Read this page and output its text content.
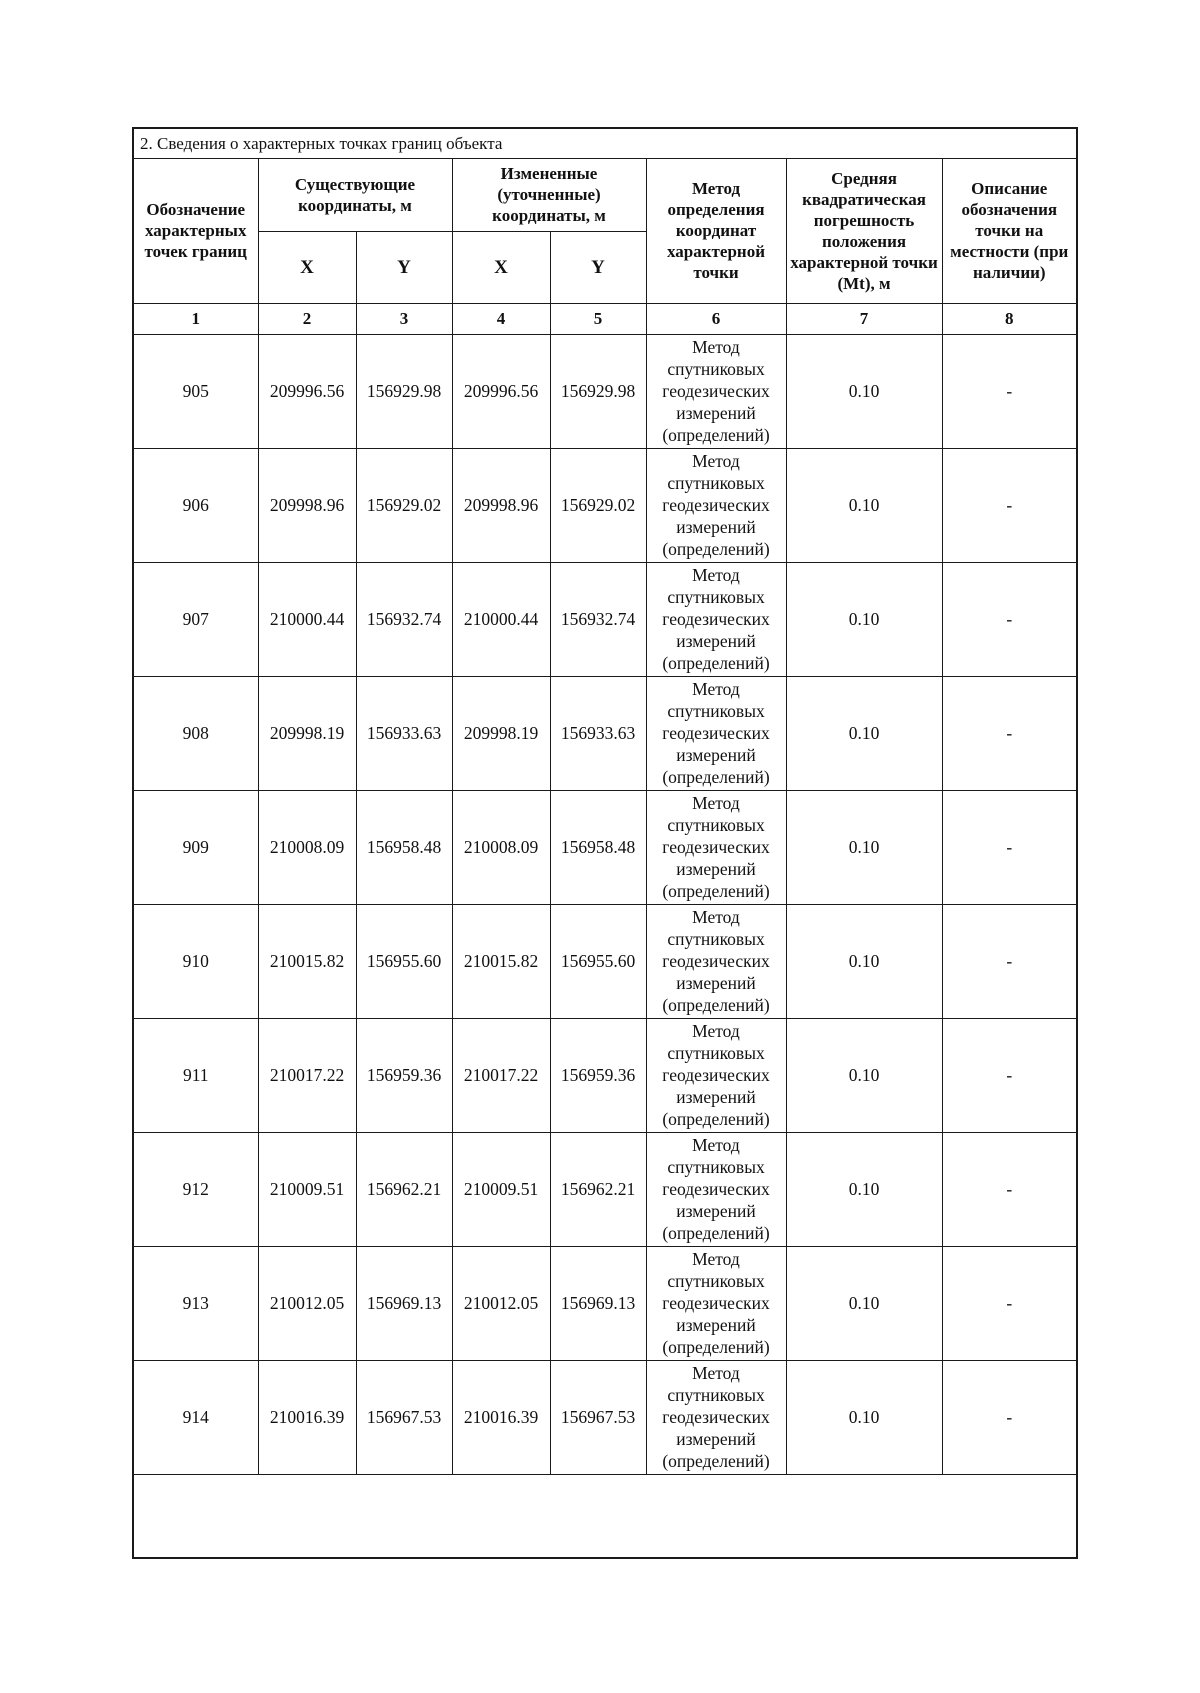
2. Сведения о характерных точках границ объекта
Обозначение характерных точек границ	Существующие координаты, м		Измененные (уточненные) координаты, м		Метод определения координат характерной точки	Средняя квадратическая погрешность положения характерной точки (Mt), м	Описание обозначения точки на местности (при наличии)
	X	Y	X	Y			
1	2	3	4	5	6	7	8
905	209996.56	156929.98	209996.56	156929.98	Метод
спутниковых
геодезических
измерений
(определений)	0.10	-
906	209998.96	156929.02	209998.96	156929.02	Метод
спутниковых
геодезических
измерений
(определений)	0.10	-
907	210000.44	156932.74	210000.44	156932.74	Метод
спутниковых
геодезических
измерений
(определений)	0.10	-
908	209998.19	156933.63	209998.19	156933.63	Метод
спутниковых
геодезических
измерений
(определений)	0.10	-
909	210008.09	156958.48	210008.09	156958.48	Метод
спутниковых
геодезических
измерений
(определений)	0.10	-
910	210015.82	156955.60	210015.82	156955.60	Метод
спутниковых
геодезических
измерений
(определений)	0.10	-
911	210017.22	156959.36	210017.22	156959.36	Метод
спутниковых
геодезических
измерений
(определений)	0.10	-
912	210009.51	156962.21	210009.51	156962.21	Метод
спутниковых
геодезических
измерений
(определений)	0.10	-
913	210012.05	156969.13	210012.05	156969.13	Метод
спутниковых
геодезических
измерений
(определений)	0.10	-
914	210016.39	156967.53	210016.39	156967.53	Метод
спутниковых
геодезических
измерений
(определений)	0.10	-
